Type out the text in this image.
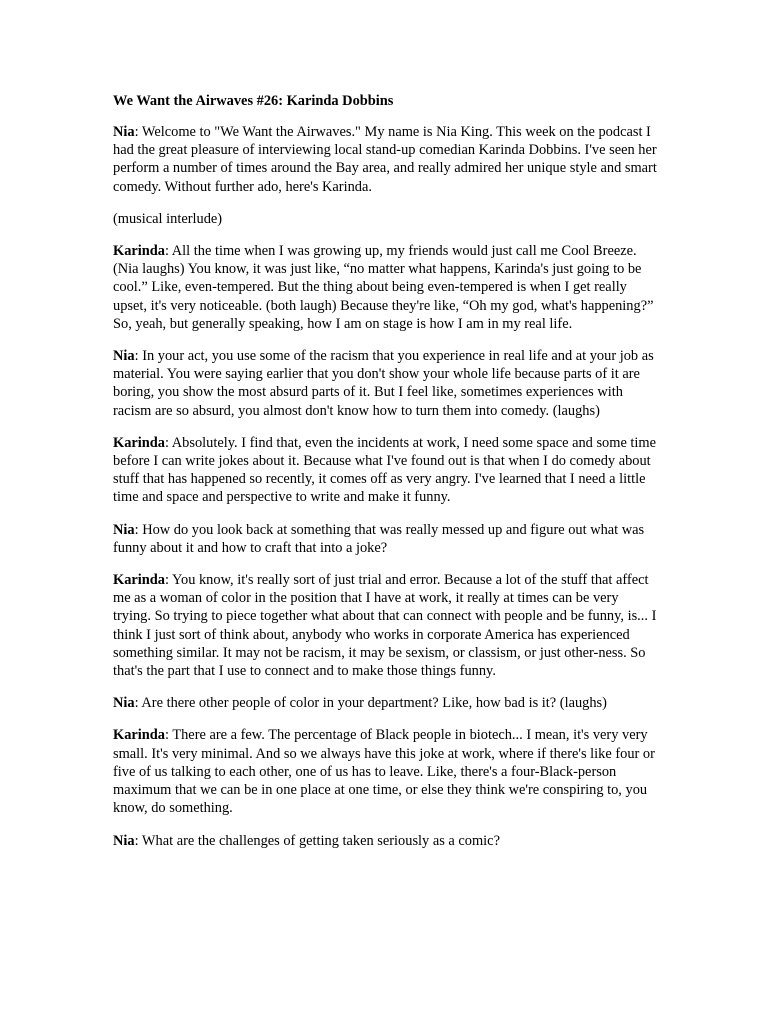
We Want the Airwaves #26: Karinda Dobbins

Nia: Welcome to "We Want the Airwaves." My name is Nia King. This week on the podcast I had the great pleasure of interviewing local stand-up comedian Karinda Dobbins. I've seen her perform a number of times around the Bay area, and really admired her unique style and smart comedy. Without further ado, here's Karinda.

(musical interlude)

Karinda: All the time when I was growing up, my friends would just call me Cool Breeze. (Nia laughs) You know, it was just like, “no matter what happens, Karinda's just going to be cool.” Like, even-tempered. But the thing about being even-tempered is when I get really upset, it's very noticeable. (both laugh) Because they're like, “Oh my god, what's happening?” So, yeah, but generally speaking, how I am on stage is how I am in my real life.

Nia: In your act, you use some of the racism that you experience in real life and at your job as material. You were saying earlier that you don't show your whole life because parts of it are boring, you show the most absurd parts of it. But I feel like, sometimes experiences with racism are so absurd, you almost don't know how to turn them into comedy. (laughs)

Karinda: Absolutely. I find that, even the incidents at work, I need some space and some time before I can write jokes about it. Because what I've found out is that when I do comedy about stuff that has happened so recently, it comes off as very angry. I've learned that I need a little time and space and perspective to write and make it funny.

Nia: How do you look back at something that was really messed up and figure out what was funny about it and how to craft that into a joke?

Karinda: You know, it's really sort of just trial and error. Because a lot of the stuff that affect me as a woman of color in the position that I have at work, it really at times can be very trying. So trying to piece together what about that can connect with people and be funny, is... I think I just sort of think about, anybody who works in corporate America has experienced something similar. It may not be racism, it may be sexism, or classism, or just other-ness. So that's the part that I use to connect and to make those things funny.

Nia: Are there other people of color in your department? Like, how bad is it? (laughs)

Karinda: There are a few. The percentage of Black people in biotech... I mean, it's very very small. It's very minimal. And so we always have this joke at work, where if there's like four or five of us talking to each other, one of us has to leave. Like, there's a four-Black-person maximum that we can be in one place at one time, or else they think we're conspiring to, you know, do something.

Nia: What are the challenges of getting taken seriously as a comic?
